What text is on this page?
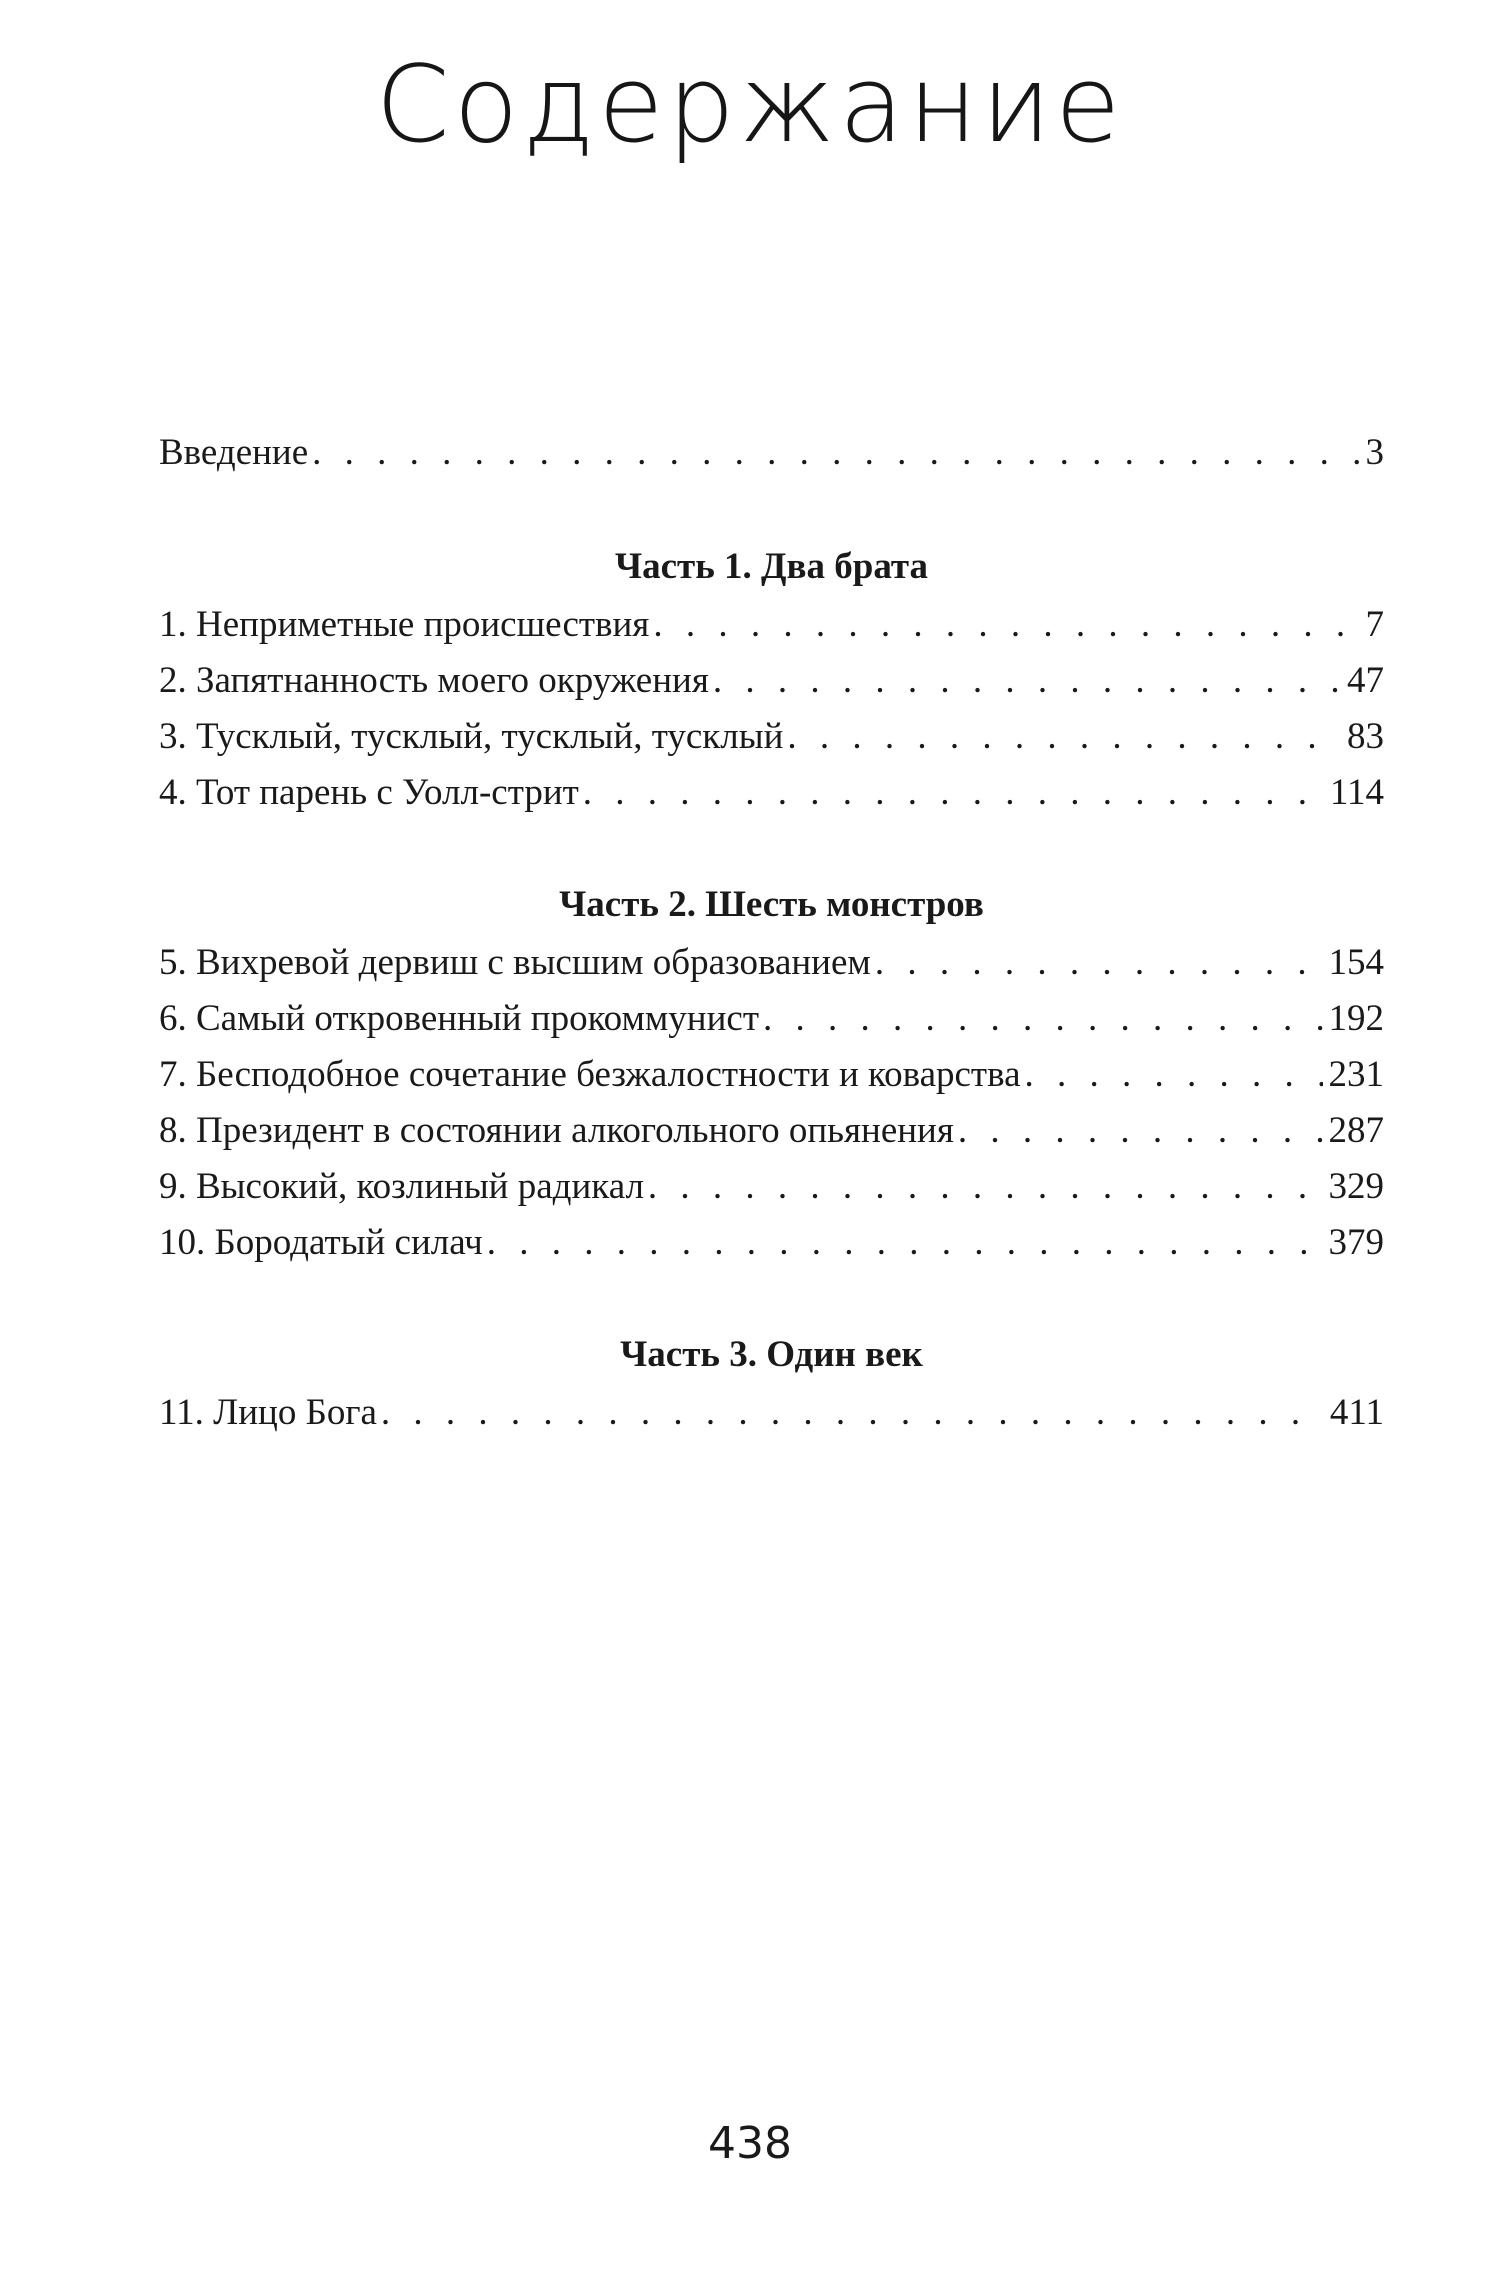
Содержание
Введение . . .	3
Часть 1. Два брата
1. Неприметные происшествия . . .	7
2. Запятнанность моего окружения . . .	47
3. Тусклый, тусклый, тусклый, тусклый . . .	83
4. Тот парень с Уолл-стрит . . .	114
Часть 2. Шесть монстров
5. Вихревой дервиш с высшим образованием . . .	154
6. Самый откровенный прокоммунист . . .	192
7. Бесподобное сочетание безжалостности и коварства . . .	231
8. Президент в состоянии алкогольного опьянения . . .	287
9. Высокий, козлиный радикал . . .	329
10. Бородатый силач . . .	379
Часть 3. Один век
11. Лицо Бога . . .	411
438
